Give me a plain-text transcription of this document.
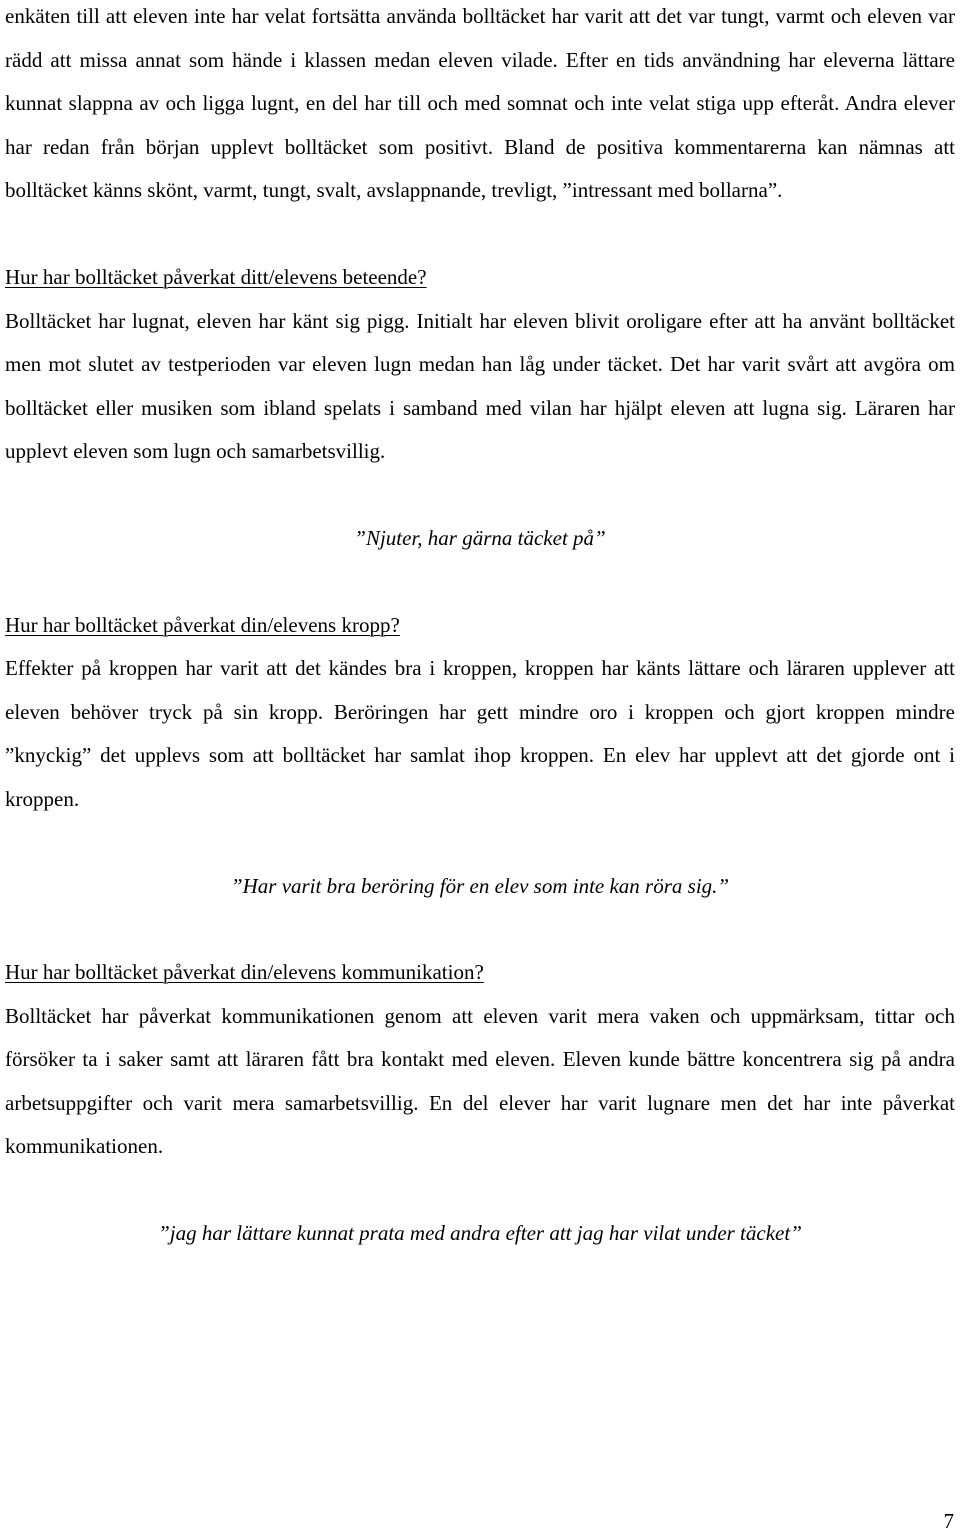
enkäten till att eleven inte har velat fortsätta använda bolltäcket har varit att det var tungt, varmt och eleven var rädd att missa annat som hände i klassen medan eleven vilade. Efter en tids användning har eleverna lättare kunnat slappna av och ligga lugnt, en del har till och med somnat och inte velat stiga upp efteråt. Andra elever har redan från början upplevt bolltäcket som positivt. Bland de positiva kommentarerna kan nämnas att bolltäcket känns skönt, varmt, tungt, svalt, avslappnande, trevligt, ”intressant med bollarna”.

Hur har bolltäcket påverkat ditt/elevens beteende?

Bolltäcket har lugnat, eleven har känt sig pigg. Initialt har eleven blivit oroligare efter att ha använt bolltäcket men mot slutet av testperioden var eleven lugn medan han låg under täcket. Det har varit svårt att avgöra om bolltäcket eller musiken som ibland spelats i samband med vilan har hjälpt eleven att lugna sig. Läraren har upplevt eleven som lugn och samarbetsvillig.

”Njuter, har gärna täcket på”

Hur har bolltäcket påverkat din/elevens kropp?

Effekter på kroppen har varit att det kändes bra i kroppen, kroppen har känts lättare och läraren upplever att eleven behöver tryck på sin kropp. Beröringen har gett mindre oro i kroppen och gjort kroppen mindre ”knyckig” det upplevs som att bolltäcket har samlat ihop kroppen. En elev har upplevt att det gjorde ont i kroppen.

”Har varit bra beröring för en elev som inte kan röra sig.”

Hur har bolltäcket påverkat din/elevens kommunikation?

Bolltäcket har påverkat kommunikationen genom att eleven varit mera vaken och uppmärksam, tittar och försöker ta i saker samt att läraren fått bra kontakt med eleven. Eleven kunde bättre koncentrera sig på andra arbetsuppgifter och varit mera samarbetsvillig. En del elever har varit lugnare men det har inte påverkat kommunikationen.

”jag har lättare kunnat prata med andra efter att jag har vilat under täcket”

7
